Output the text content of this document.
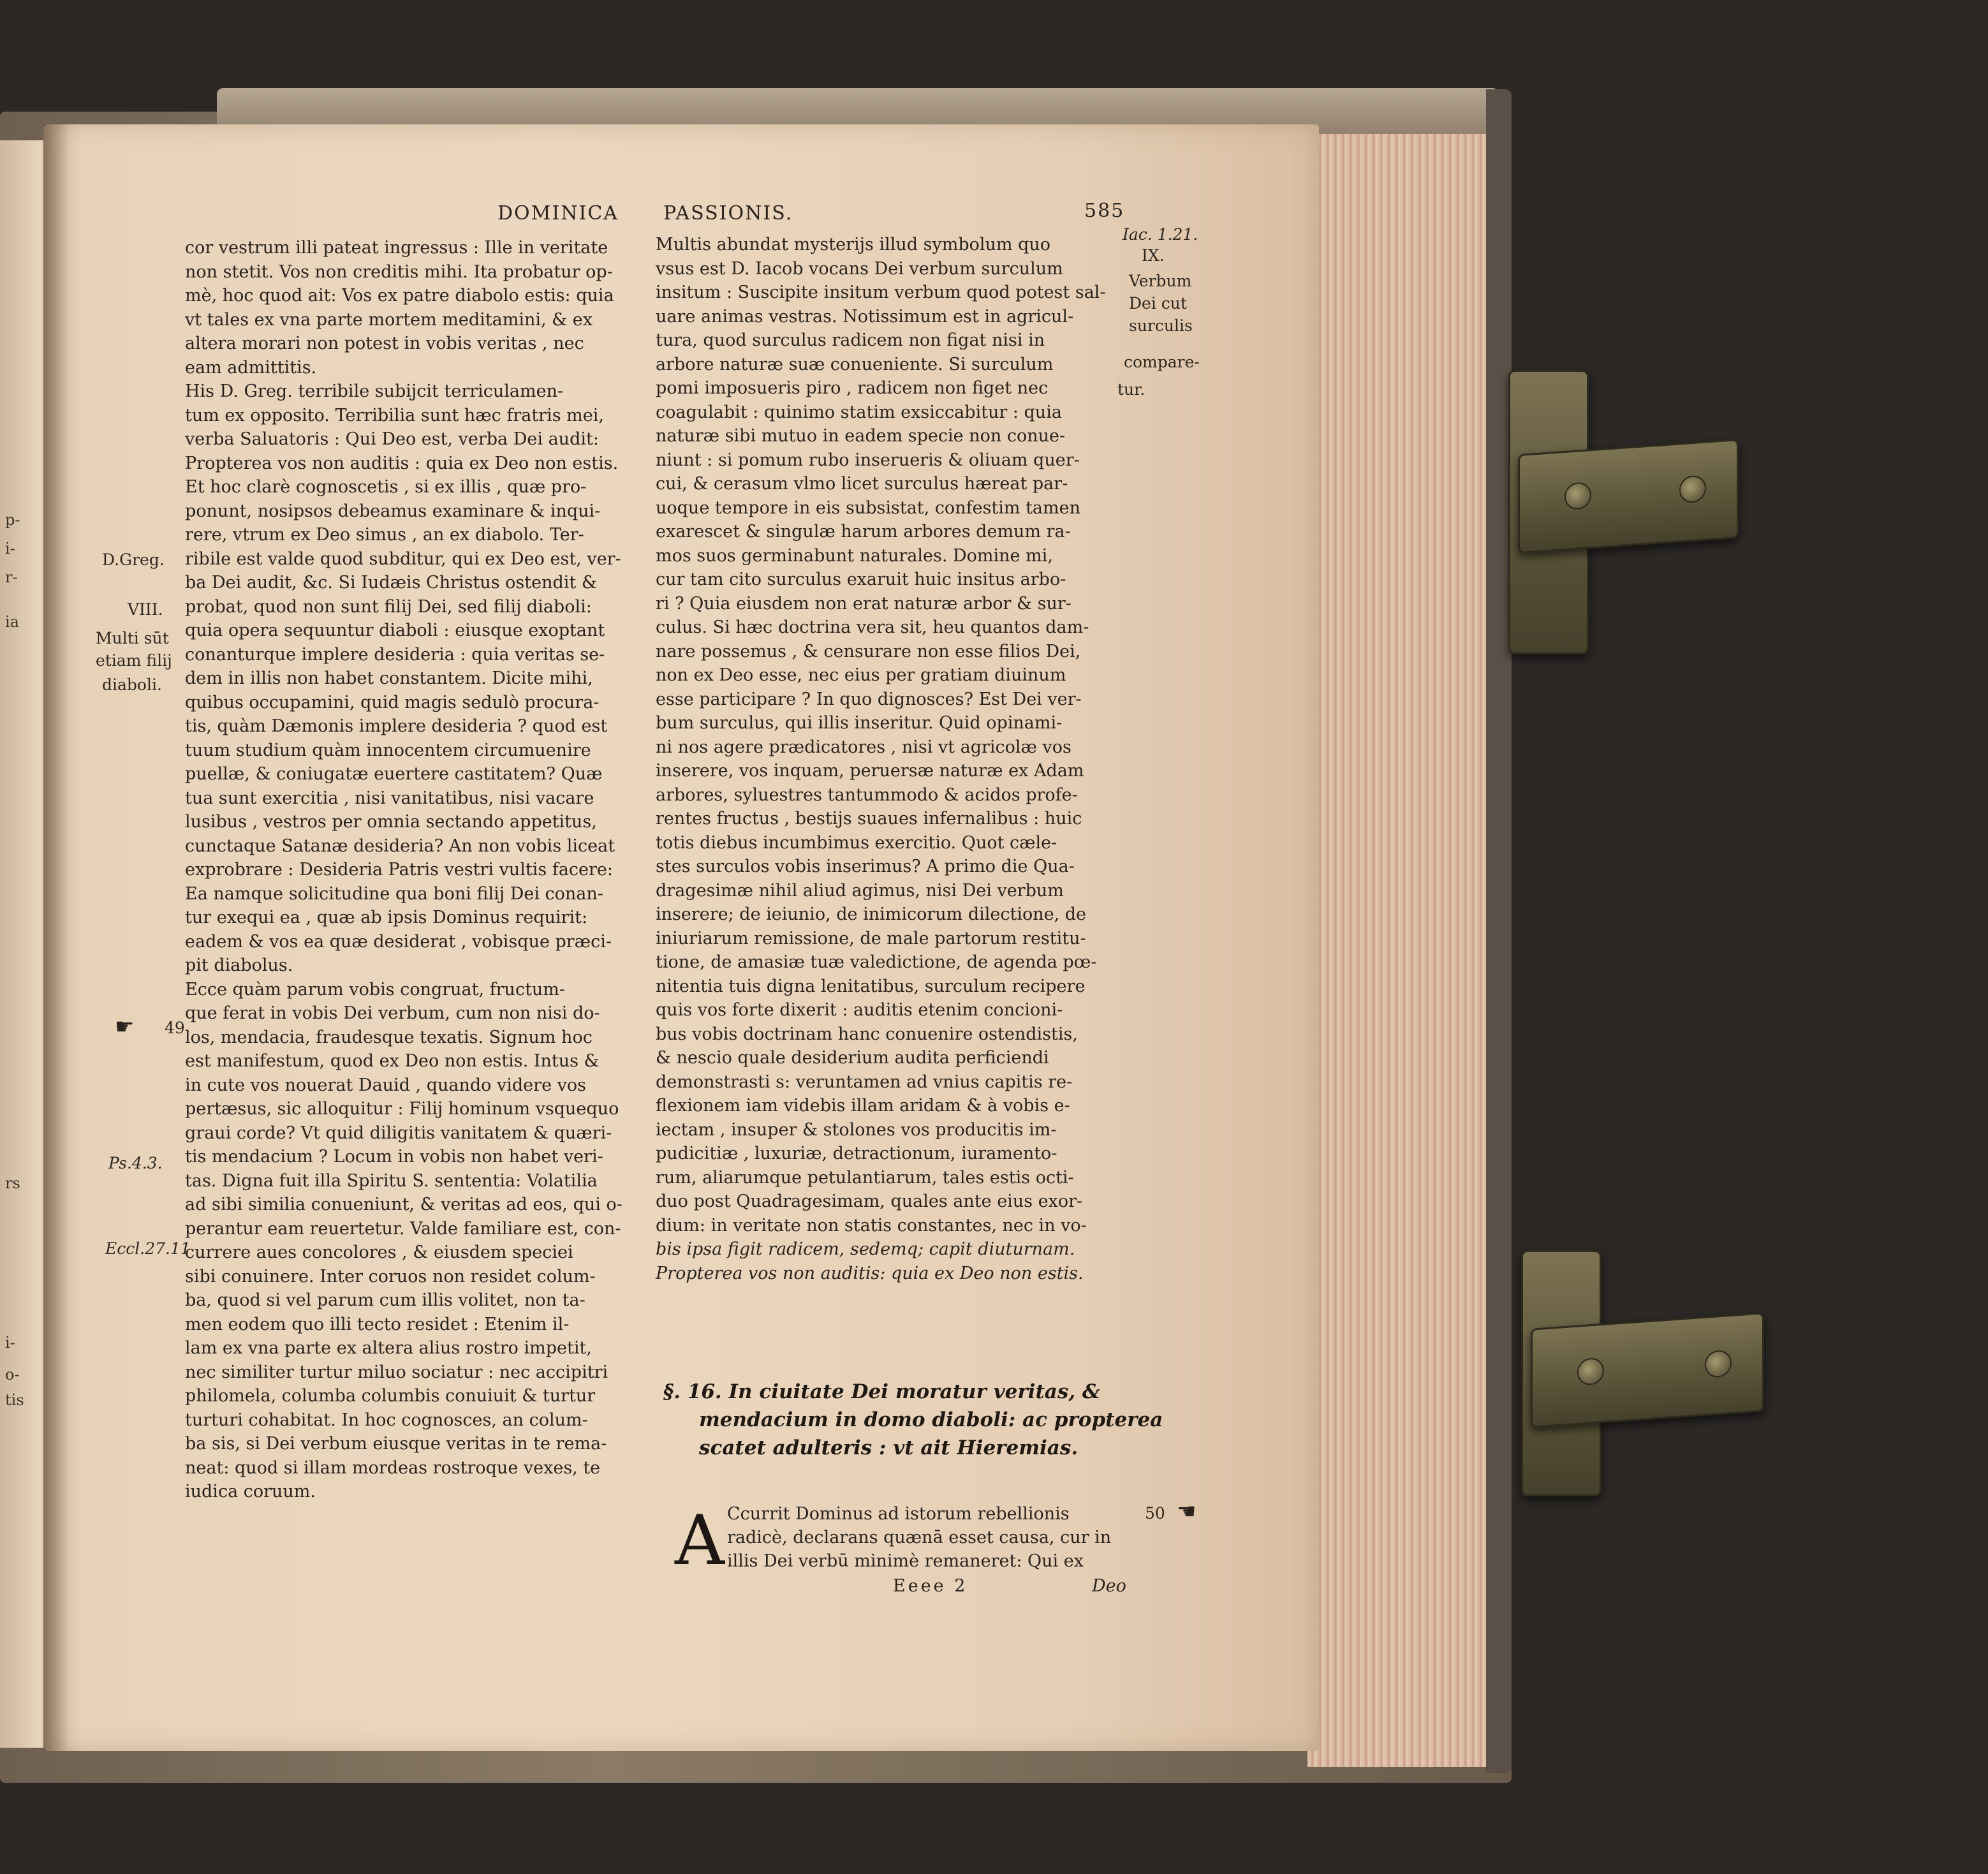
p-
i-
r-
ia
rs
i-
o-
tis
DOMINICA PASSIONIS.	585
cor vestrum illi pateat ingressus : Ille in veritate
non stetit. Vos non creditis mihi. Ita probatur op-
mè, hoc quod ait: Vos ex patre diabolo estis: quia
vt tales ex vna parte mortem meditamini, & ex
altera morari non potest in vobis veritas , nec
eam admittitis.
His D. Greg. terribile subijcit terriculamen-
tum ex opposito. Terribilia sunt hæc fratris mei,
verba Saluatoris : Qui Deo est, verba Dei audit:
Propterea vos non auditis : quia ex Deo non estis.
Et hoc clarè cognoscetis , si ex illis , quæ pro-
ponunt, nosipsos debeamus examinare & inqui-
rere, vtrum ex Deo simus , an ex diabolo. Ter-
ribile est valde quod subditur, qui ex Deo est, ver-
ba Dei audit, &c. Si Iudæis Christus ostendit &
probat, quod non sunt filij Dei, sed filij diaboli:
quia opera sequuntur diaboli : eiusque exoptant
conanturque implere desideria : quia veritas se-
dem in illis non habet constantem. Dicite mihi,
quibus occupamini, quid magis sedulò procura-
tis, quàm Dæmonis implere desideria ? quod est
tuum studium quàm innocentem circumuenire
puellæ, & coniugatæ euertere castitatem? Quæ
tua sunt exercitia , nisi vanitatibus, nisi vacare
lusibus , vestros per omnia sectando appetitus,
cunctaque Satanæ desideria? An non vobis liceat
exprobrare : Desideria Patris vestri vultis facere:
Ea namque solicitudine qua boni filij Dei conan-
tur exequi ea , quæ ab ipsis Dominus requirit:
eadem & vos ea quæ desiderat , vobisque præci-
pit diabolus.
Ecce quàm parum vobis congruat, fructum-
que ferat in vobis Dei verbum, cum non nisi do-
los, mendacia, fraudesque texatis. Signum hoc
est manifestum, quod ex Deo non estis. Intus &
in cute vos nouerat Dauid , quando videre vos
pertæsus, sic alloquitur : Filij hominum vsquequo
graui corde? Vt quid diligitis vanitatem & quæri-
tis mendacium ? Locum in vobis non habet veri-
tas. Digna fuit illa Spiritu S. sententia: Volatilia
ad sibi similia conueniunt, & veritas ad eos, qui o-
perantur eam reuertetur. Valde familiare est, con-
currere aues concolores , & eiusdem speciei
sibi conuinere. Inter coruos non residet colum-
ba, quod si vel parum cum illis volitet, non ta-
men eodem quo illi tecto residet : Etenim il-
lam ex vna parte ex altera alius rostro impetit,
nec similiter turtur miluo sociatur : nec accipitri
philomela, columba columbis conuiuit & turtur
turturi cohabitat. In hoc cognosces, an colum-
ba sis, si Dei verbum eiusque veritas in te rema-
neat: quod si illam mordeas rostroque vexes, te
iudica coruum.
Multis abundat mysterijs illud symbolum quo
vsus est D. Iacob vocans Dei verbum surculum
insitum : Suscipite insitum verbum quod potest sal-
uare animas vestras. Notissimum est in agricul-
tura, quod surculus radicem non figat nisi in
arbore naturæ suæ conueniente. Si surculum
pomi imposueris piro , radicem non figet nec
coagulabit : quinimo statim exsiccabitur : quia
naturæ sibi mutuo in eadem specie non conue-
niunt : si pomum rubo inserueris & oliuam quer-
cui, & cerasum vlmo licet surculus hæreat par-
uoque tempore in eis subsistat, confestim tamen
exarescet & singulæ harum arbores demum ra-
mos suos germinabunt naturales. Domine mi,
cur tam cito surculus exaruit huic insitus arbo-
ri ? Quia eiusdem non erat naturæ arbor & sur-
culus. Si hæc doctrina vera sit, heu quantos dam-
nare possemus , & censurare non esse filios Dei,
non ex Deo esse, nec eius per gratiam diuinum
esse participare ? In quo dignosces? Est Dei ver-
bum surculus, qui illis inseritur. Quid opinami-
ni nos agere prædicatores , nisi vt agricolæ vos
inserere, vos inquam, peruersæ naturæ ex Adam
arbores, syluestres tantummodo & acidos profe-
rentes fructus , bestijs suaues infernalibus : huic
totis diebus incumbimus exercitio. Quot cæle-
stes surculos vobis inserimus? A primo die Qua-
dragesimæ nihil aliud agimus, nisi Dei verbum
inserere; de ieiunio, de inimicorum dilectione, de
iniuriarum remissione, de male partorum restitu-
tione, de amasiæ tuæ valedictione, de agenda pœ-
nitentia tuis digna lenitatibus, surculum recipere
quis vos forte dixerit : auditis etenim concioni-
bus vobis doctrinam hanc conuenire ostendistis,
& nescio quale desiderium audita perficiendi
demonstrasti s: veruntamen ad vnius capitis re-
flexionem iam videbis illam aridam & à vobis e-
iectam , insuper & stolones vos producitis im-
pudicitiæ , luxuriæ, detractionum, iuramento-
rum, aliarumque petulantiarum, tales estis octi-
duo post Quadragesimam, quales ante eius exor-
dium: in veritate non statis constantes, nec in vo-
bis ipsa figit radicem, sedemq; capit diuturnam.
Propterea vos non auditis: quia ex Deo non estis.
D.Greg.
VIII.
Multi sūt
etiam filij
diaboli.
☛ 49
Ps.4.3.
Eccl.27.11
Iac. 1.21.
IX.
Verbum
Dei cut
surculis
compare-
tur.
50 ☚
§. 16. In ciuitate Dei moratur veritas, &
mendacium in domo diaboli: ac propterea
scatet adulteris : vt ait Hieremias.
A Ccurrit Dominus ad istorum rebellionis
radicè, declarans quænā esset causa, cur in
illis Dei verbū minimè remaneret: Qui ex
Eeee 2	Deo
